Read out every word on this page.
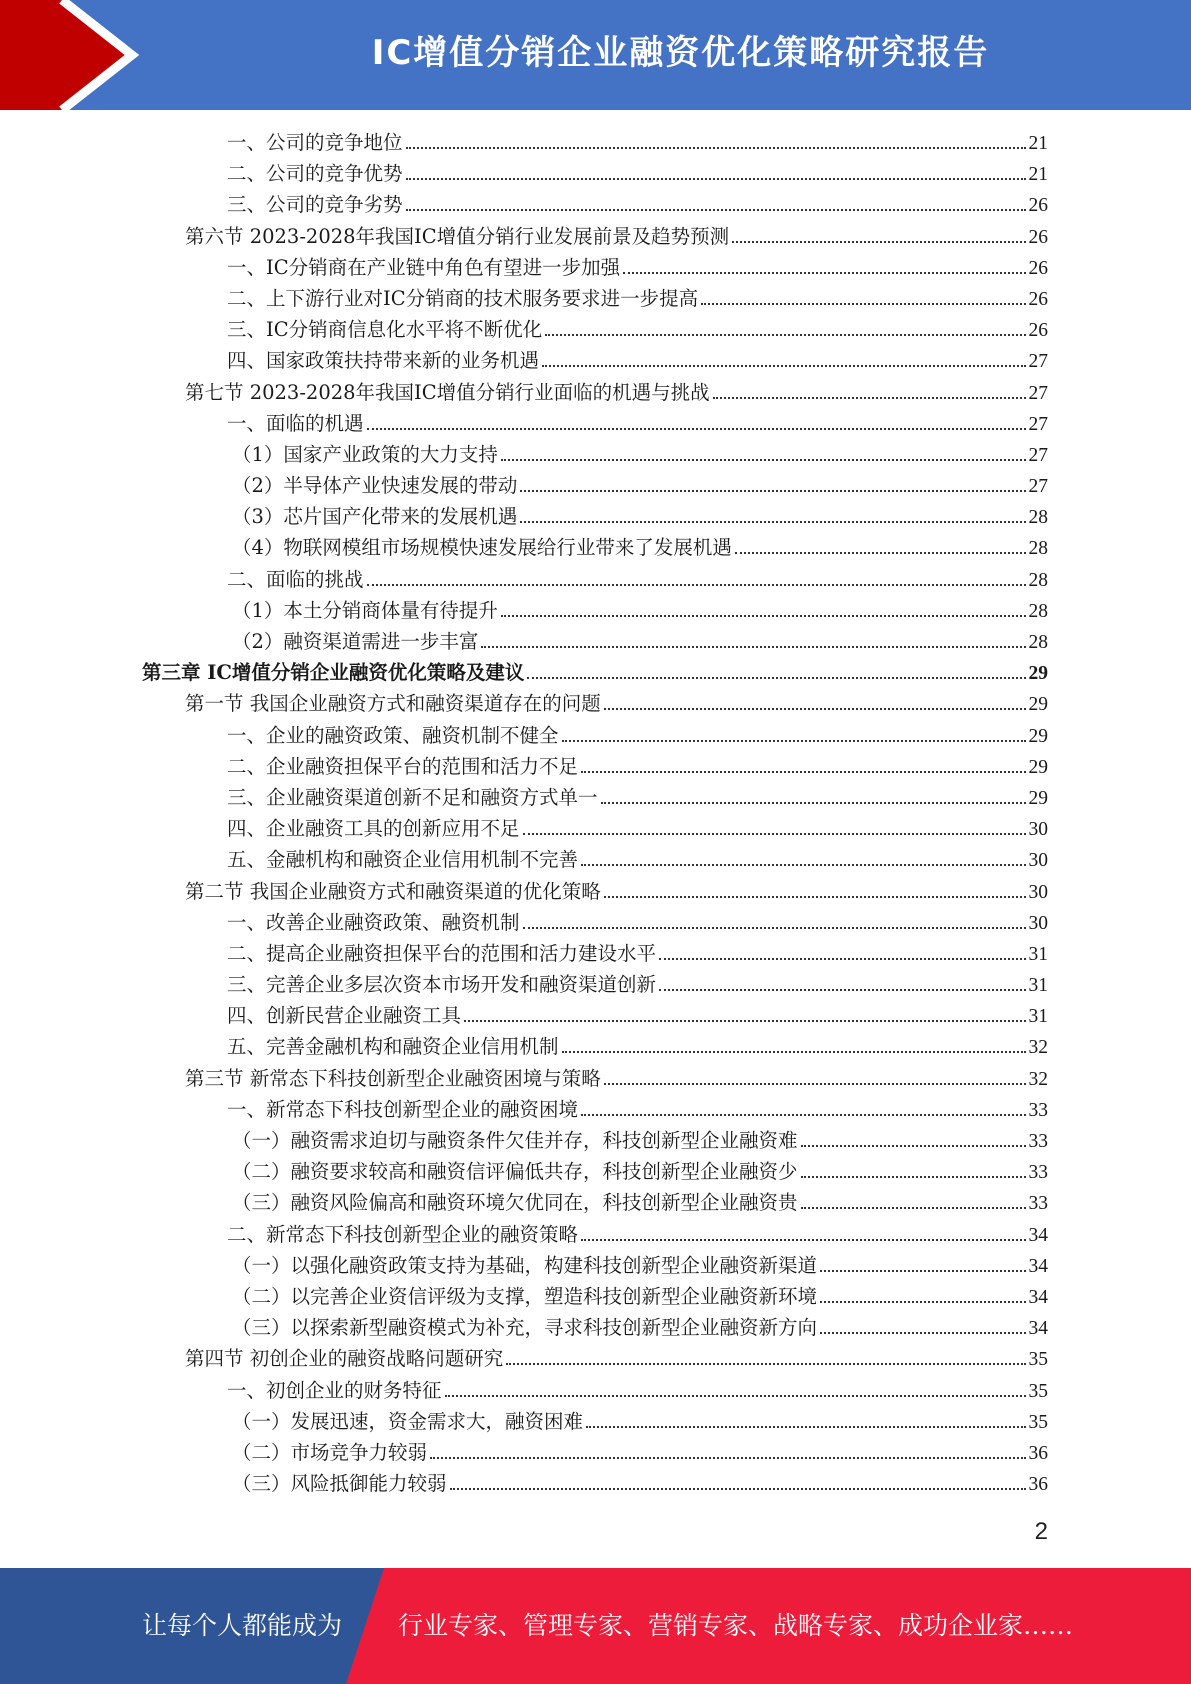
IC增值分销企业融资优化策略研究报告
一、公司的竞争地位	21
二、公司的竞争优势	21
三、公司的竞争劣势	26
第六节 2023-2028年我国IC增值分销行业发展前景及趋势预测	26
一、IC分销商在产业链中角色有望进一步加强	26
二、上下游行业对IC分销商的技术服务要求进一步提高	26
三、IC分销商信息化水平将不断优化	26
四、国家政策扶持带来新的业务机遇	27
第七节 2023-2028年我国IC增值分销行业面临的机遇与挑战	27
一、面临的机遇	27
（1）国家产业政策的大力支持	27
（2）半导体产业快速发展的带动	27
（3）芯片国产化带来的发展机遇	28
（4）物联网模组市场规模快速发展给行业带来了发展机遇	28
二、面临的挑战	28
（1）本土分销商体量有待提升	28
（2）融资渠道需进一步丰富	28
第三章 IC增值分销企业融资优化策略及建议	29
第一节 我国企业融资方式和融资渠道存在的问题	29
一、企业的融资政策、融资机制不健全	29
二、企业融资担保平台的范围和活力不足	29
三、企业融资渠道创新不足和融资方式单一	29
四、企业融资工具的创新应用不足	30
五、金融机构和融资企业信用机制不完善	30
第二节 我国企业融资方式和融资渠道的优化策略	30
一、改善企业融资政策、融资机制	30
二、提高企业融资担保平台的范围和活力建设水平	31
三、完善企业多层次资本市场开发和融资渠道创新	31
四、创新民营企业融资工具	31
五、完善金融机构和融资企业信用机制	32
第三节 新常态下科技创新型企业融资困境与策略	32
一、新常态下科技创新型企业的融资困境	33
（一）融资需求迫切与融资条件欠佳并存，科技创新型企业融资难	33
（二）融资要求较高和融资信评偏低共存，科技创新型企业融资少	33
（三）融资风险偏高和融资环境欠优同在，科技创新型企业融资贵	33
二、新常态下科技创新型企业的融资策略	34
（一）以强化融资政策支持为基础，构建科技创新型企业融资新渠道	34
（二）以完善企业资信评级为支撑，塑造科技创新型企业融资新环境	34
（三）以探索新型融资模式为补充，寻求科技创新型企业融资新方向	34
第四节 初创企业的融资战略问题研究	35
一、初创企业的财务特征	35
（一）发展迅速，资金需求大，融资困难	35
（二）市场竞争力较弱	36
（三）风险抵御能力较弱	36
2
让每个人都能成为 行业专家、管理专家、营销专家、战略专家、成功企业家……
